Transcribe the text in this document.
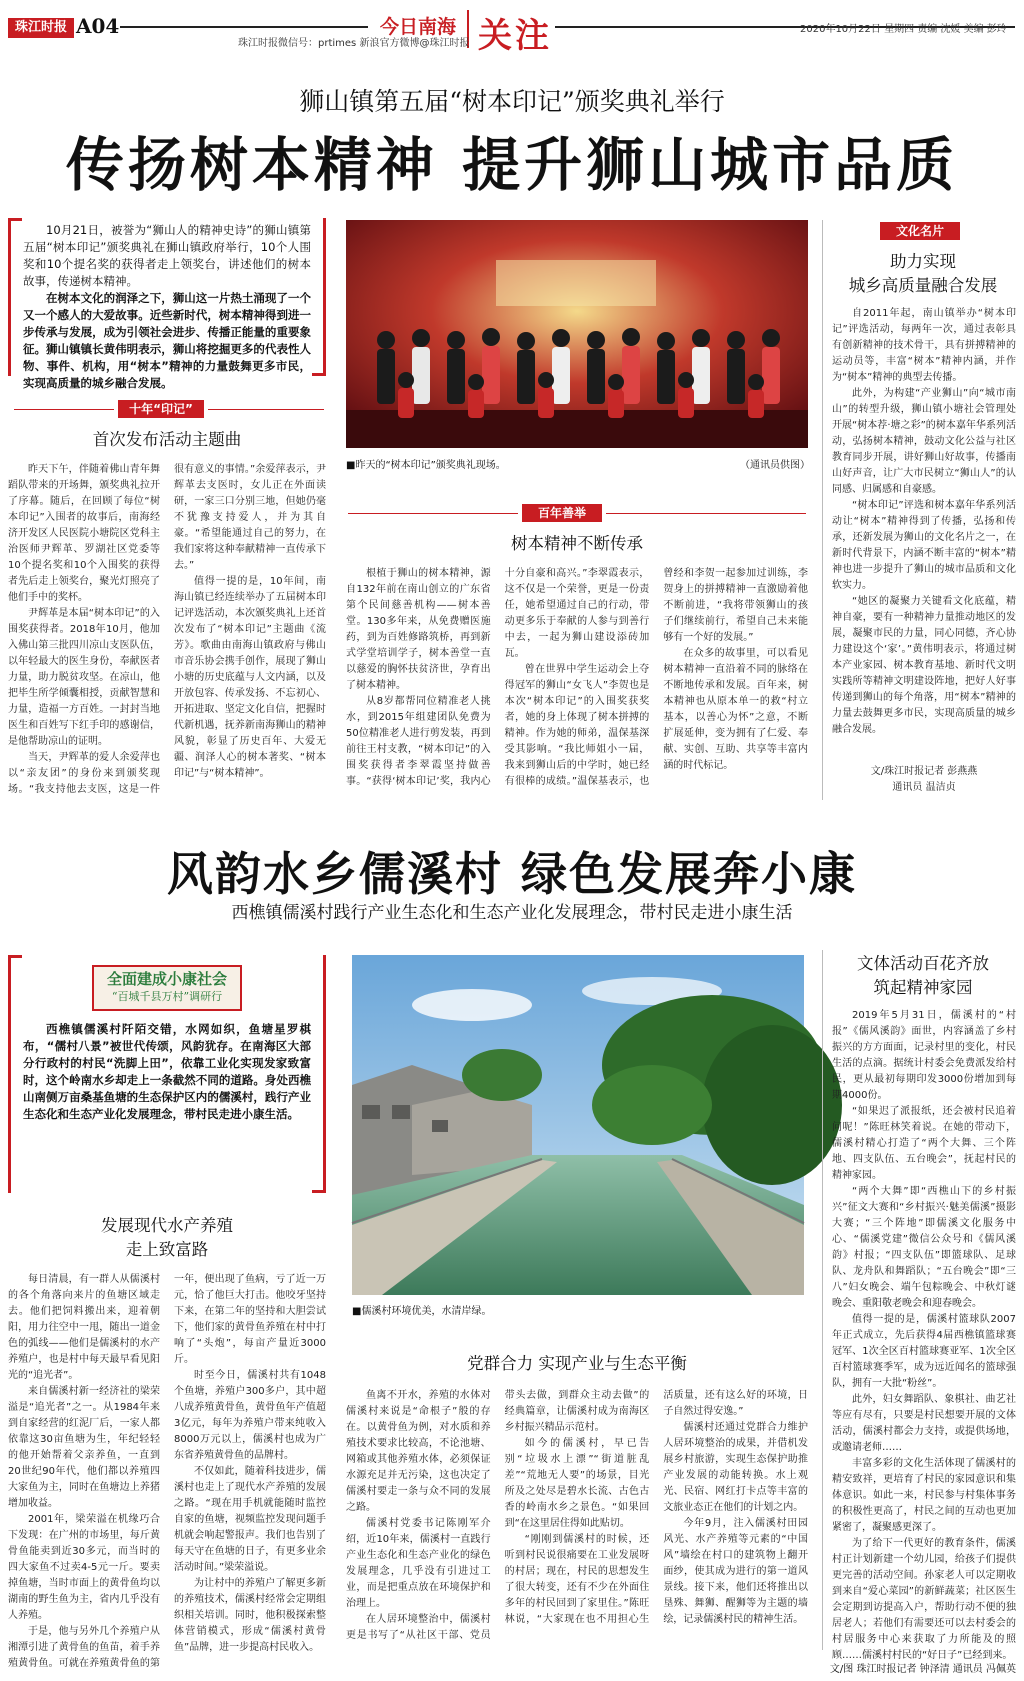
珠江时报 A04	今日南海 关注
珠江时报微信号：prtimes 新浪官方微博@珠江时报
2020年10月22日 星期四 责编 沈媛 美编 彭玲
狮山镇第五届“树本印记”颁奖典礼举行
传扬树本精神 提升狮山城市品质

10月21日，被誉为“狮山人的精神史诗”的狮山镇第五届“树本印记”颁奖典礼在狮山镇政府举行，10个人围奖和10个提名奖的获得者走上领奖台，讲述他们的树本故事，传递树本精神。

在树本文化的润泽之下，狮山这一片热土涌现了一个又一个感人的大爱故事。近些新时代，树本精神得到进一步传承与发展，成为引领社会进步、传播正能量的重要象征。狮山镇镇长黄伟明表示，狮山将挖掘更多的代表性人物、事件、机构，用“树本”精神的力量鼓舞更多市民，实现高质量的城乡融合发展。

十年“印记”
首次发布活动主题曲

昨天下午，伴随着佛山青年舞蹈队带来的开场舞，颁奖典礼拉开了序幕。随后，在回顾了每位“树本印记”入围者的故事后，南海经济开发区人民医院小塘院区党科主治医师尹辉革、罗湖社区党委等10个提名奖和10个入围奖的获得者先后走上领奖台，聚光灯照亮了他们手中的奖杯。

尹辉革是本届“树本印记”的入围奖获得者。2018年10月，他加入佛山第三批四川凉山支医队伍，以年轻最大的医生身份，奉献医者力量，助力脱贫攻坚。在凉山，他把毕生所学倾囊相授，贡献智慧和力量，造福一方百姓。一封封当地医生和百姓写下红手印的感谢信，是他帮助凉山的证明。

当天，尹辉革的爱人余爱萍也以“亲友团”的身份来到颁奖现场。“我支持他去支医，这是一件很有意义的事情。”余爱萍表示，尹辉革去支医时，女儿正在外面读研，一家三口分别三地，但她仍毫不犹豫支持爱人，并为其自豪。“希望能通过自己的努力，在我们家将这种奉献精神一直传承下去。”

值得一提的是，10年间，南海山镇已经连续举办了五届树本印记评选活动，本次颁奖典礼上还首次发布了“树本印记”主题曲《流芳》。歌曲由南海山镇政府与佛山市音乐协会携手创作，展现了狮山小塘的历史底蕴与人文内涵，以及开放包容、传承发扬、不忘初心、开拓进取、坚定文化自信，把握时代新机遇，抚养新南海狮山的精神风貌，彰显了历史百年、大爱无疆、润泽人心的树本著奖、“树本印记”与“树本精神”。

■昨天的“树本印记”颁奖典礼现场。	（通讯员供图）
百年善举
树本精神不断传承

根植于狮山的树本精神，源自132年前在南山创立的广东省第个民间慈善机构——树本善堂。130多年来，从免费赠医施药，到为百姓修路筑桥，再到新式学堂培训学子，树本善堂一直以慈爱的胸怀扶贫济世，孕育出了树本精神。

从8岁都帮同位精准老人挑水，到2015年组建团队免费为50位精准老人进行剪发装，再到前往王村支教，“树本印记”的入围奖获得者李翠霞坚持做善事。“获得‘树本印记’奖，我内心十分自豪和高兴。”李翠霞表示，这不仅是一个荣誉，更是一份责任，她希望通过自己的行动，带动更多乐于奉献的人参与到善行中去，一起为狮山建设添砖加瓦。

曾在世界中学生运动会上夺得冠军的狮山“女飞人”李贺也是本次“树本印记”的入围奖获奖者，她的身上体现了树本拼搏的精神。作为她的师弟，温保基深受其影响。“我比师姐小一届，我来到狮山后的中学时，她已经有很棒的成绩。”温保基表示，也曾经和李贺一起参加过训练，李贺身上的拼搏精神一直激励着他不断前进，“我将带领狮山的孩子们继续前行，希望自己未来能够有一个好的发展。”

在众多的故事里，可以看见树本精神一直沿着不同的脉络在不断地传承和发展。百年来，树本精神也从原本单一的救“村立基本，以善心为怀”之意，不断扩展延伸，变为拥有了仁爱、奉献、实创、互助、共享等丰富内涵的时代标记。

文化名片
助力实现
城乡高质量融合发展

自2011年起，南山镇举办“树本印记”评选活动，每两年一次，通过表彰具有创新精神的技术骨干，具有拼搏精神的运动员等，丰富“树本”精神内涵，并作为“树本”精神的典型去传播。

此外，为构建“产业狮山”向“城市南山”的转型升级，狮山镇小塘社会管理处开展“树本荐·塘之彩”的树本嘉年华系列活动，弘扬树本精神，鼓动文化公益与社区教育同步开展，讲好狮山好故事，传播南山好声音，让广大市民树立“狮山人”的认同感、归属感和自豪感。

“树本印记”评选和树本嘉年华系列活动让“树本”精神得到了传播，弘扬和传承，还新发展为狮山的文化名片之一，在新时代背景下，内涵不断丰富的“树本”精神也进一步提升了狮山的城市品质和文化软实力。

“她区的凝聚力关键看文化底蕴，精神自豪，要有一种精神力量推动地区的发展，凝聚市民的力量，同心同德，齐心协力建设这个‘家’。”黄伟明表示，将通过树本产业家园、树本教育基地、新时代文明实践所等精神文明建设阵地，把好人好事传递到狮山的每个角落，用“树本”精神的力量去鼓舞更多市民，实现高质量的城乡融合发展。

文/珠江时报记者 彭燕燕
通讯员 温洁贞
风韵水乡儒溪村 绿色发展奔小康
西樵镇儒溪村践行产业生态化和生态产业化发展理念，带村民走进小康生活
全面建成小康社会
“百城千县万村”调研行

西樵镇儒溪村阡陌交错，水网如织，鱼塘星罗棋布，“儒村八景”被世代传颂，风韵犹存。在南海区大部分行政村的村民“洗脚上田”，依靠工业化实现发家致富时，这个岭南水乡却走上一条截然不同的道路。身处西樵山南侧万亩桑基鱼塘的生态保护区内的儒溪村，践行产业生态化和生态产业化发展理念，带村民走进小康生活。

发展现代水产养殖
走上致富路

每日清晨，有一群人从儒溪村的各个角落向来片的鱼塘区域走去。他们把饲料搬出来，迎着朝阳，用力往空中一甩，随出一道金色的弧线——他们是儒溪村的水产养殖户，也是村中每天最早看见阳光的“追光者”。

来自儒溪村新一经济社的梁荣溢是“追光者”之一。从1984年来到自家经营的红泥厂后，一家人都依靠这30亩鱼塘为生，年纪轻轻的他开始帮着父亲养鱼，一直到20世纪90年代，他们都以养殖四大家鱼为主，同时在鱼塘边上养猪增加收益。

2001年，梁荣溢在机缘巧合下发现：在广州的市场里，每斤黄骨鱼能卖到近30多元，而当时的四大家鱼不过卖4-5元一斤。要卖掉鱼塘，当时市面上的黄骨鱼均以湖南的野生鱼为主，省内几乎没有人养殖。

于是，他与另外几个养殖户从湘潭引进了黄骨鱼的鱼苗，着手养殖黄骨鱼。可就在养殖黄骨鱼的第一年，便出现了鱼病，亏了近一万元，恰了他巨大打击。他咬牙坚持下来，在第二年的坚持和大胆尝试下，他们家的黄骨鱼养殖在村中打响了“头炮”，每亩产量近3000斤。

时至今日，儒溪村共有1048个鱼塘，养殖户300多户，其中超八成养殖黄骨鱼，黄骨鱼年产值超3亿元，每年为养殖户带来纯收入8000万元以上，儒溪村也成为广东省养殖黄骨鱼的品牌村。

不仅如此，随着科技进步，儒溪村也走上了现代水产养殖的发展之路。“现在用手机就能随时监控自家的鱼塘，视频监控发现问题手机就会响起警报声。我们也告别了每天守在鱼塘的日子，有更多业余活动时间。”梁荣溢说。

为让村中的养殖户了解更多新的养殖技术，儒溪村经常会定期组织相关培训。同时，他积极探索整体营销模式，形成“儒溪村黄骨鱼”品牌，进一步提高村民收入。

■儒溪村环境优美，水清岸绿。
党群合力 实现产业与生态平衡

鱼离不开水，养殖的水体对儒溪村来说是“命根子”般的存在。以黄骨鱼为例，对水质和养殖技术要求比较高，不论池塘、网箱或其他养殖水体，必须保证水源充足并无污染，这也决定了儒溪村要走一条与众不同的发展之路。

儒溪村党委书记陈刚军介绍，近10年来，儒溪村一直践行产业生态化和生态产业化的绿色发展理念，几乎没有引进过工业，而是把重点放在环境保护和治理上。

在人居环境整治中，儒溪村更是书写了“从社区干部、党员带头去做，到群众主动去做”的经典篇章，让儒溪村成为南海区乡村振兴精品示范村。

如今的儒溪村，早已告别“垃圾水上漂”“街道脏乱差”“荒地无人要”的场景，目光所及之处尽是碧水长流、古色古香的岭南水乡之景色。“如果回到“在这里居住得如此贴切。

“刚刚到儒溪村的时候，还听到村民说很痛要在工业发展呀的村居；现在，村民的思想发生了很大转变，还有不少在外面住多年的村民回到了家里住。”陈旺林说，“大家现在也不用担心生活质量，还有这么好的环境，日子自然过得安逸。”

儒溪村还通过党群合力维护人居环境整治的成果，并借机发展乡村旅游，实现生态保护助推产业发展的动能转换。水上观光、民宿、网红打卡点等丰富的文旅业态正在他们的计划之内。

今年9月，注入儒溪村田园风光、水产养殖等元素的“中国风”墙绘在村口的建筑物上翻开面纱，使其成为进行的第一道风景线。接下来，他们还将推出以垦殊、舞狮、醒狮等为主题的墙绘，记录儒溪村民的精神生活。

文体活动百花齐放
筑起精神家园

2019年5月31日，儒溪村的“村报”《儒风溪韵》面世，内容涵盖了乡村振兴的方方面面，记录村里的变化，村民生活的点滴。据统计村委会免费派发给村民，更从最初每期印发3000份增加到每期4000份。

“如果迟了派报纸，还会被村民追着问呢！”陈旺林笑着说。在她的带动下，儒溪村精心打造了“两个大舞、三个阵地、四支队伍、五台晚会”，抚起村民的精神家园。

“两个大舞”即“西樵山下的乡村振兴”征文大赛和“乡村振兴·魅美儒溪”摄影大赛；“三个阵地”即儒溪文化服务中心、“儒溪党建”微信公众号和《儒风溪韵》村报；“四支队伍”即篮球队、足球队、龙舟队和舞蹈队；“五台晚会”即“三八”妇女晚会、端午包粽晚会、中秋灯谜晚会、重阳敬老晚会和迎春晚会。

值得一提的是，儒溪村篮球队2007年正式成立，先后获得4届西樵镇篮球赛冠军、1次全区百村篮球赛亚军、1次全区百村篮球赛季军，成为远近闻名的篮球强队，拥有一大批“粉丝”。

此外，妇女舞蹈队、象棋社、曲艺社等应有尽有，只要是村民想要开展的文体活动，儒溪村都会力支持，或提供场地，或邀请老师……

丰富多彩的文化生活体现了儒溪村的精安致祥，更培育了村民的家园意识和集体意识。如此一来，村民参与村集体事务的积极性更高了，村民之间的互动也更加紧密了，凝聚感更深了。

为了给下一代更好的教育条件，儒溪村正计划新建一个幼儿园，给孩子们提供更完善的活动空间。孙家老人可以定期收到来自“爱心菜园”的新鲜蔬菜；社区医生会定期到访提高入户，帮助行动不便的独居老人；若他们有需要还可以去村委会的村居服务中心来获取了力所能及的照顾……儒溪村村民的“好日子”已经到来。

文/图 珠江时报记者 钟泽清 通讯员 冯佩英
